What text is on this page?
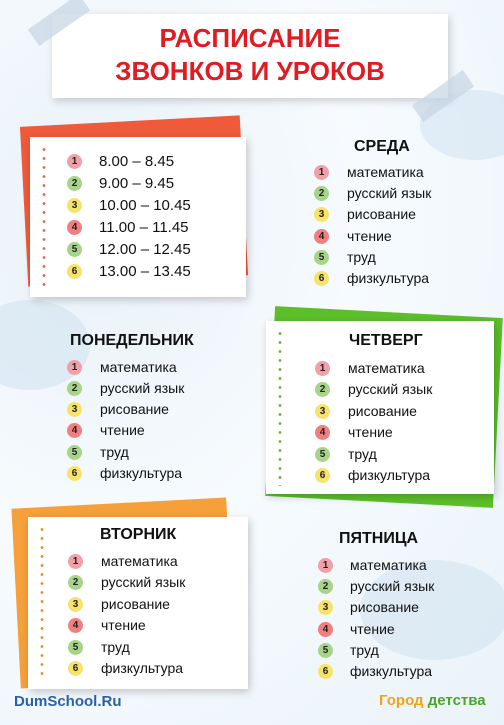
РАСПИСАНИЕ
ЗВОНКОВ И УРОКОВ
1	8.00 – 8.45
2	9.00 – 9.45
3	10.00 – 10.45
4	11.00 – 11.45
5	12.00 – 12.45
6	13.00 – 13.45
СРЕДА
1	математика
2	русский язык
3	рисование
4	чтение
5	труд
6	физкультура
ПОНЕДЕЛЬНИК
1	математика
2	русский язык
3	рисование
4	чтение
5	труд
6	физкультура
ЧЕТВЕРГ
1	математика
2	русский язык
3	рисование
4	чтение
5	труд
6	физкультура
ВТОРНИК
1	математика
2	русский язык
3	рисование
4	чтение
5	труд
6	физкультура
ПЯТНИЦА
1	математика
2	русский язык
3	рисование
4	чтение
5	труд
6	физкультура
DumSchool.Ru	Город детства
